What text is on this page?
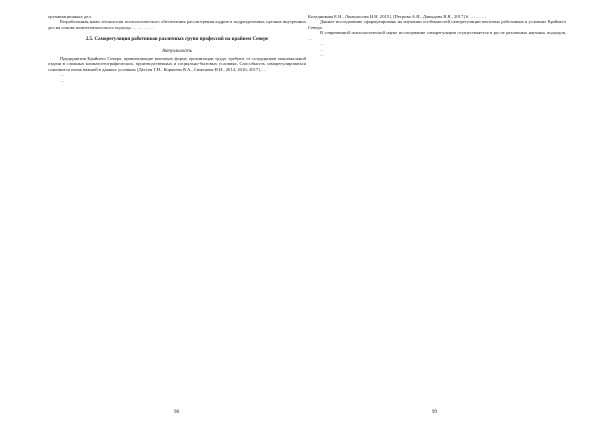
организационных дел.

Разработанная нами технология психологического обеспечения рассмотрения кадров в подразделениях органов внутренних дел на основе компетентностного подхода … … … …

2.5. Саморегуляция работников различных групп профессий на крайнем Севере
Актуальность

Предприятия Крайнего Севера, привлекающие вахтовую форму организации труда, требуют от сотрудников максимальной отдачи в сложных климатогеографических, производственных и социально-бытовых условиях. Способность саморегулироваться становится очень важной в данных условиях [Деттен Г.Н., Корнеева Я.А., Симонова Н.Н., 2014; 2016; 2017]. …

…

…

Коледникова Е.Н., Ломоносова Н.Н. 2015], [Петрова А.И., Давыдова В.Я., 2017] 6. … … …

Данное исследование сформулировано на изучении особенностей саморегуляции вахтовых работников в условиях Крайнего Севера.

В современной психологической науке исследование саморегуляции осуществляется в русле различных научных подходов, …

…

…

…

98	99
